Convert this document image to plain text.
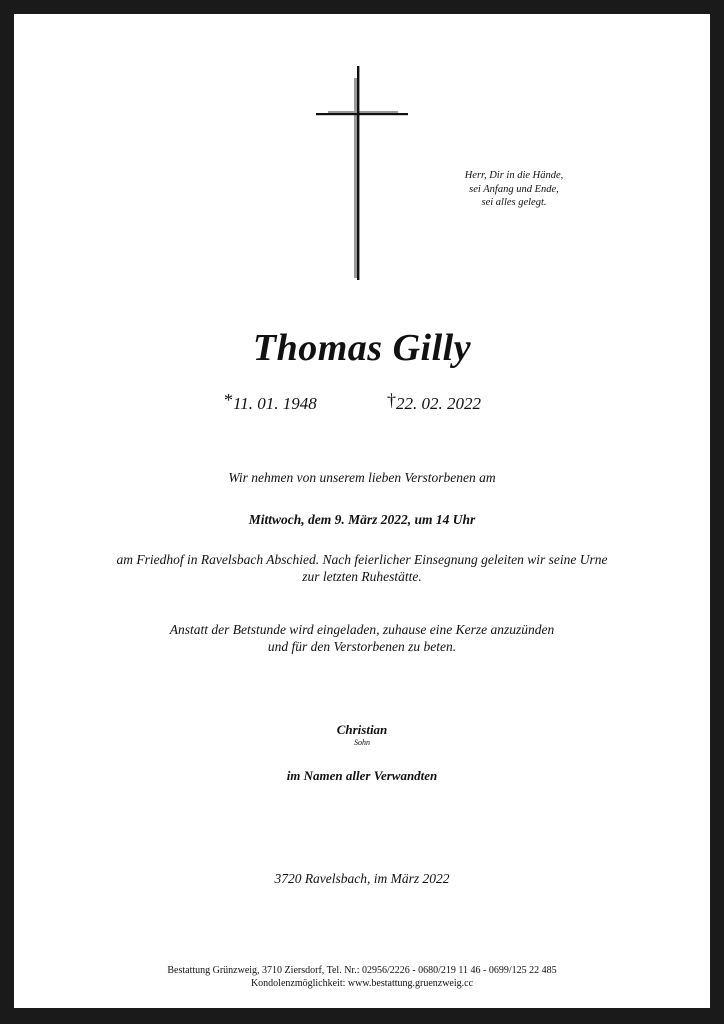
Herr, Dir in die Hände,
sei Anfang und Ende,
sei alles gelegt.
Thomas Gilly
*11. 01. 1948	†22. 02. 2022
Wir nehmen von unserem lieben Verstorbenen am
Mittwoch, dem 9. März 2022, um 14 Uhr
am Friedhof in Ravelsbach Abschied. Nach feierlicher Einsegnung geleiten wir seine Urne
zur letzten Ruhestätte.
Anstatt der Betstunde wird eingeladen, zuhause eine Kerze anzuzünden
und für den Verstorbenen zu beten.
Christian
Sohn
im Namen aller Verwandten
3720 Ravelsbach, im März 2022
Bestattung Grünzweig, 3710 Ziersdorf, Tel. Nr.: 02956/2226 - 0680/219 11 46 - 0699/125 22 485
Kondolenzmöglichkeit: www.bestattung.gruenzweig.cc
